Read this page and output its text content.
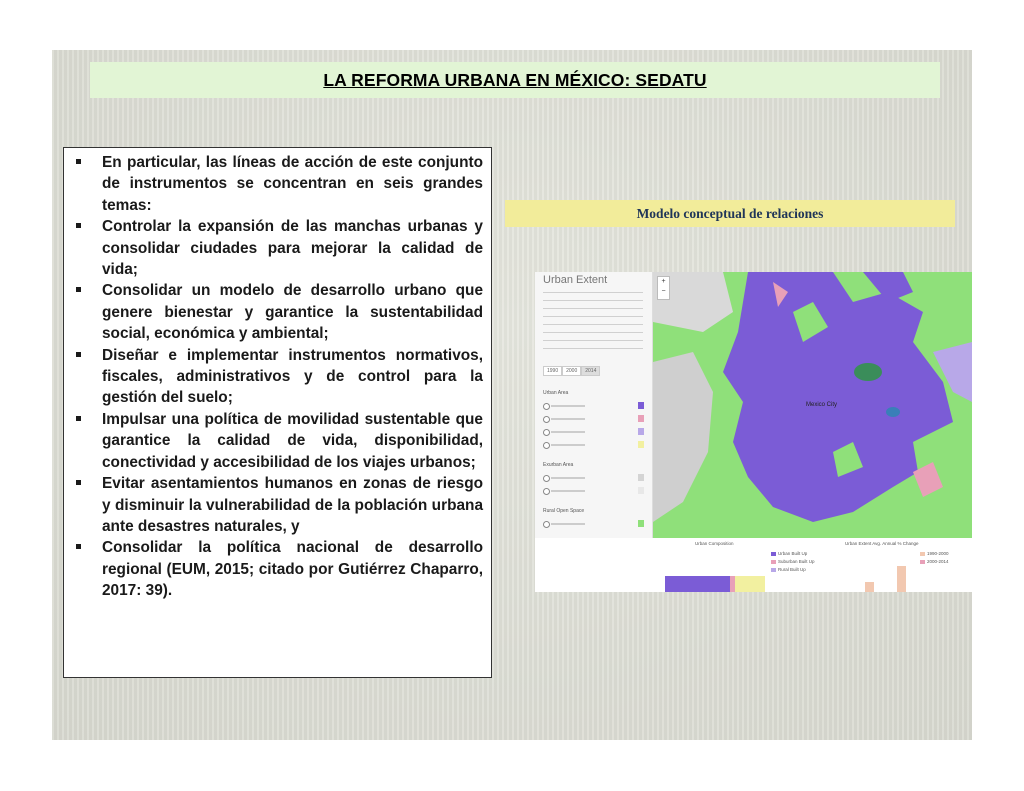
LA REFORMA URBANA EN MÉXICO: SEDATU
En particular, las líneas de acción de este conjunto de instrumentos se concentran en seis grandes temas:
Controlar la expansión de las manchas urbanas y consolidar ciudades para mejorar la calidad de vida;
Consolidar un modelo de desarrollo urbano que genere bienestar y garantice la sustentabilidad social, económica y ambiental;
Diseñar e implementar instrumentos normativos, fiscales, administrativos y de control para la gestión del suelo;
Impulsar una política de movilidad sustentable que garantice la calidad de vida, disponibilidad, conectividad y accesibilidad de los viajes urbanos;
Evitar asentamientos humanos en zonas de riesgo y disminuir la vulnerabilidad de la población urbana ante desastres naturales, y
Consolidar la política nacional de desarrollo regional (EUM, 2015; citado por Gutiérrez Chaparro, 2017: 39).
Modelo conceptual de relaciones
Urban Extent
1990	2000	2014
Urban Area
Exurban Area
Rural Open Space
+
−
Mexico City
Urban Composition	Urban Extent Avg. Annual % Change
Urban Built Up
Suburban Built Up
Rural Built Up
1990-2000
2000-2014
